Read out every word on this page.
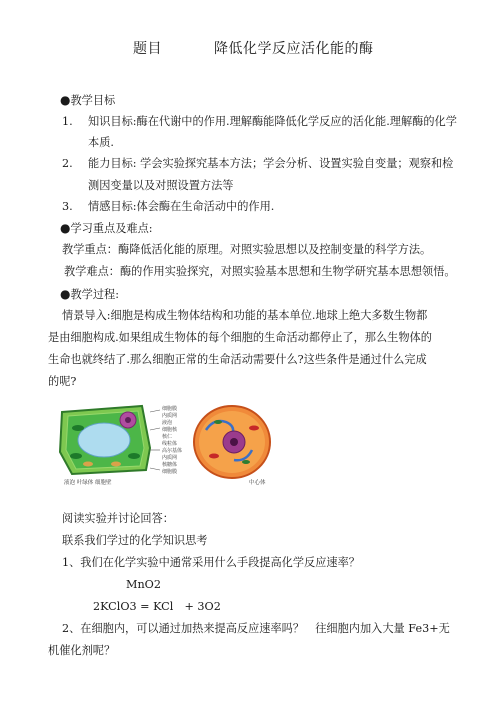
题目	降低化学反应活化能的酶
●教学目标
1. 知识目标:酶在代谢中的作用.理解酶能降低化学反应的活化能.理解酶的化学
本质.
2. 能力目标: 学会实验探究基本方法；学会分析、设置实验自变量；观察和检
测因变量以及对照设置方法等
3. 情感目标:体会酶在生命活动中的作用.
●学习重点及难点:
教学重点：酶降低活化能的原理。对照实验思想以及控制变量的科学方法。
教学难点：酶的作用实验探究，对照实验基本思想和生物学研究基本思想领悟。
●教学过程:
情景导入:细胞是构成生物体结构和功能的基本单位.地球上绝大多数生物都
是由细胞构成.如果组成生物体的每个细胞的生命活动都停止了，那么生物体的
生命也就终结了.那么细胞正常的生命活动需要什么?这些条件是通过什么完成
的呢?
细胞膜
内质网
液泡
细胞核
核仁
线粒体
高尔基体
内质网
核糖体
细胞膜
液泡 叶绿体 细胞壁	中心体
阅读实验并讨论回答：
联系我们学过的化学知识思考
1、我们在化学实验中通常采用什么手段提高化学反应速率？
MnO2
2KClO3 = KCl　+ 3O2
2、在细胞内，可以通过加热来提高反应速率吗？　往细胞内加入大量 Fe3+无
机催化剂呢？
